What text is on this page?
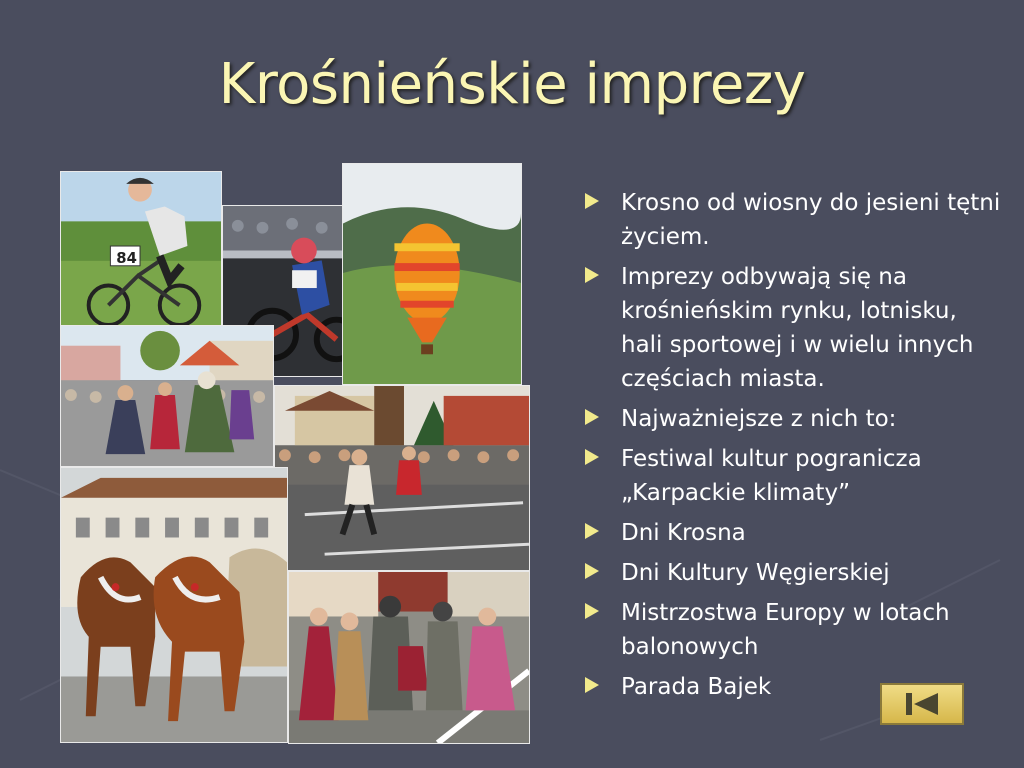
Krośnieńskie imprezy
84
Krosno od wiosny do jesieni tętni życiem.
Imprezy odbywają się na krośnieńskim rynku, lotnisku, hali sportowej i w wielu innych częściach miasta.
Najważniejsze z nich to:
Festiwal kultur pogranicza „Karpackie klimaty”
Dni Krosna
Dni Kultury Węgierskiej
Mistrzostwa Europy w lotach balonowych
Parada Bajek
